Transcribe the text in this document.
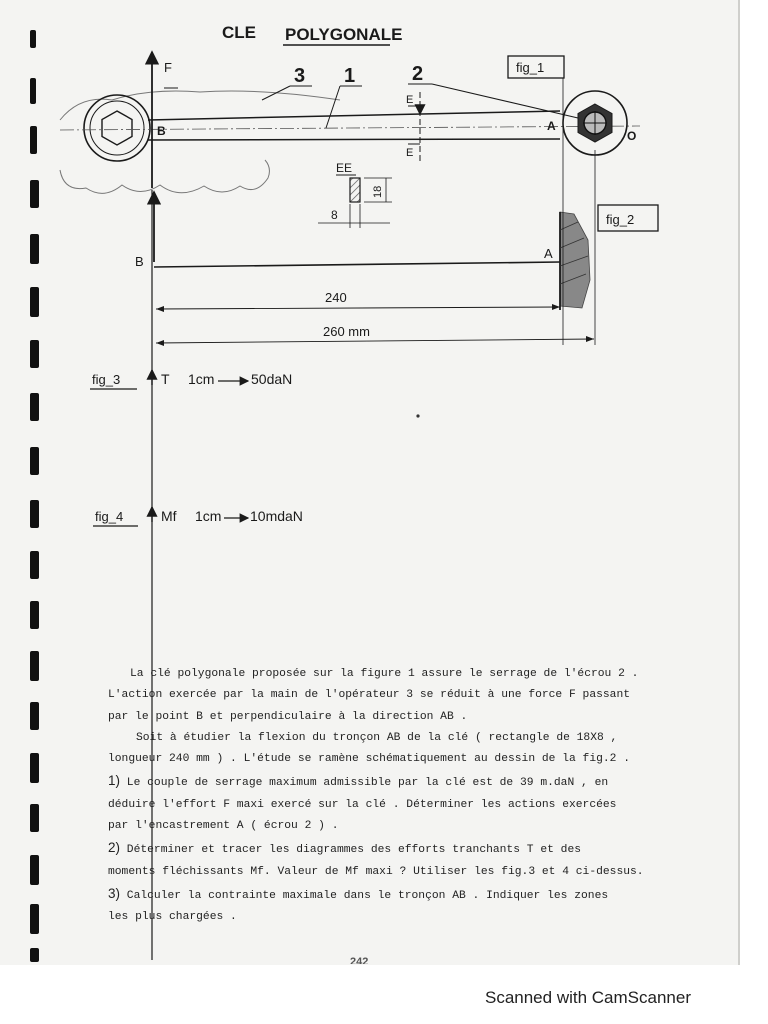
CLE POLYGONALE
fig_1
F
B	A
O
3 1	2
E
E
EE
18
8	fig_2
B
A
240
260 mm
fig_3	T 1cm	50daN
fig_4	Mf 1cm 10mdaN

La clé polygonale proposée sur la figure 1 assure le serrage de l'écrou 2 .

L'action exercée par la main de l'opérateur 3 se réduit à une force F passant

par le point B et perpendiculaire à la direction AB .

Soit à étudier la flexion du tronçon AB de la clé ( rectangle de 18X8 ,

longueur 240 mm ) . L'étude se ramène schématiquement au dessin de la fig.2 .

1) Le couple de serrage maximum admissible par la clé est de 39 m.daN , en

déduire l'effort F maxi exercé sur la clé . Déterminer les actions exercées

par l'encastrement A ( écrou 2 ) .

2) Déterminer et tracer les diagrammes des efforts tranchants T et des

moments fléchissants Mf. Valeur de Mf maxi ? Utiliser les fig.3 et 4 ci-dessus.

3) Calculer la contrainte maximale dans le tronçon AB . Indiquer les zones

les plus chargées .

242
Scanned with CamScanner
